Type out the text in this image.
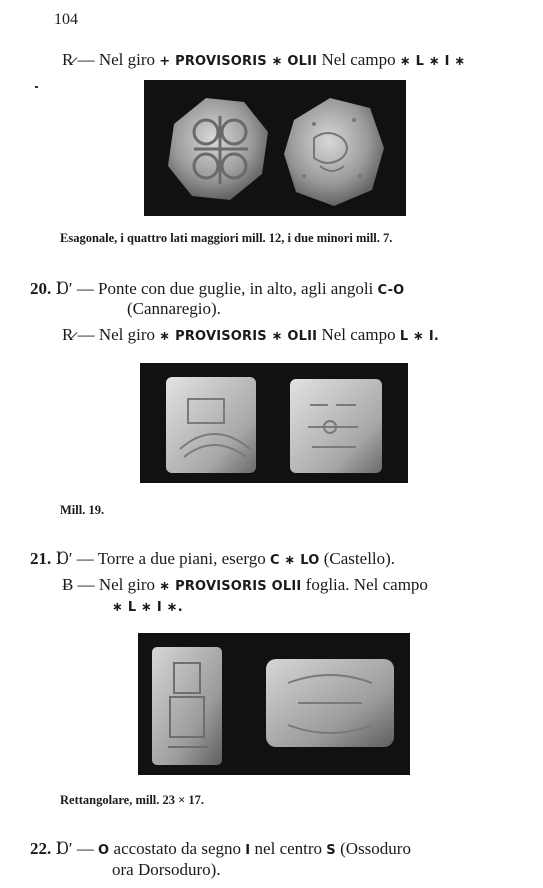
104
R̷ — Nel giro + PROVISORIS ∗ OLII Nel campo ∗ L ∗ I ∗
Esagonale, i quattro lati maggiori mill. 12, i due minori mill. 7.
20. Ɒ′ — Ponte con due guglie, in alto, agli angoli C-O
(Cannaregio).
R̷ — Nel giro ∗ PROVISORIS ∗ OLII Nel campo L ∗ I.
Mill. 19.
21. Ɒ′ — Torre a due piani, esergo C ∗ LO (Castello).
Ƀ — Nel giro ∗ PROVISORIS OLII foglia. Nel campo
∗ L ∗ I ∗.
Rettangolare, mill. 23 × 17.
22. Ɒ′ — O accostato da segno I nel centro S (Ossoduro
ora Dorsoduro).
